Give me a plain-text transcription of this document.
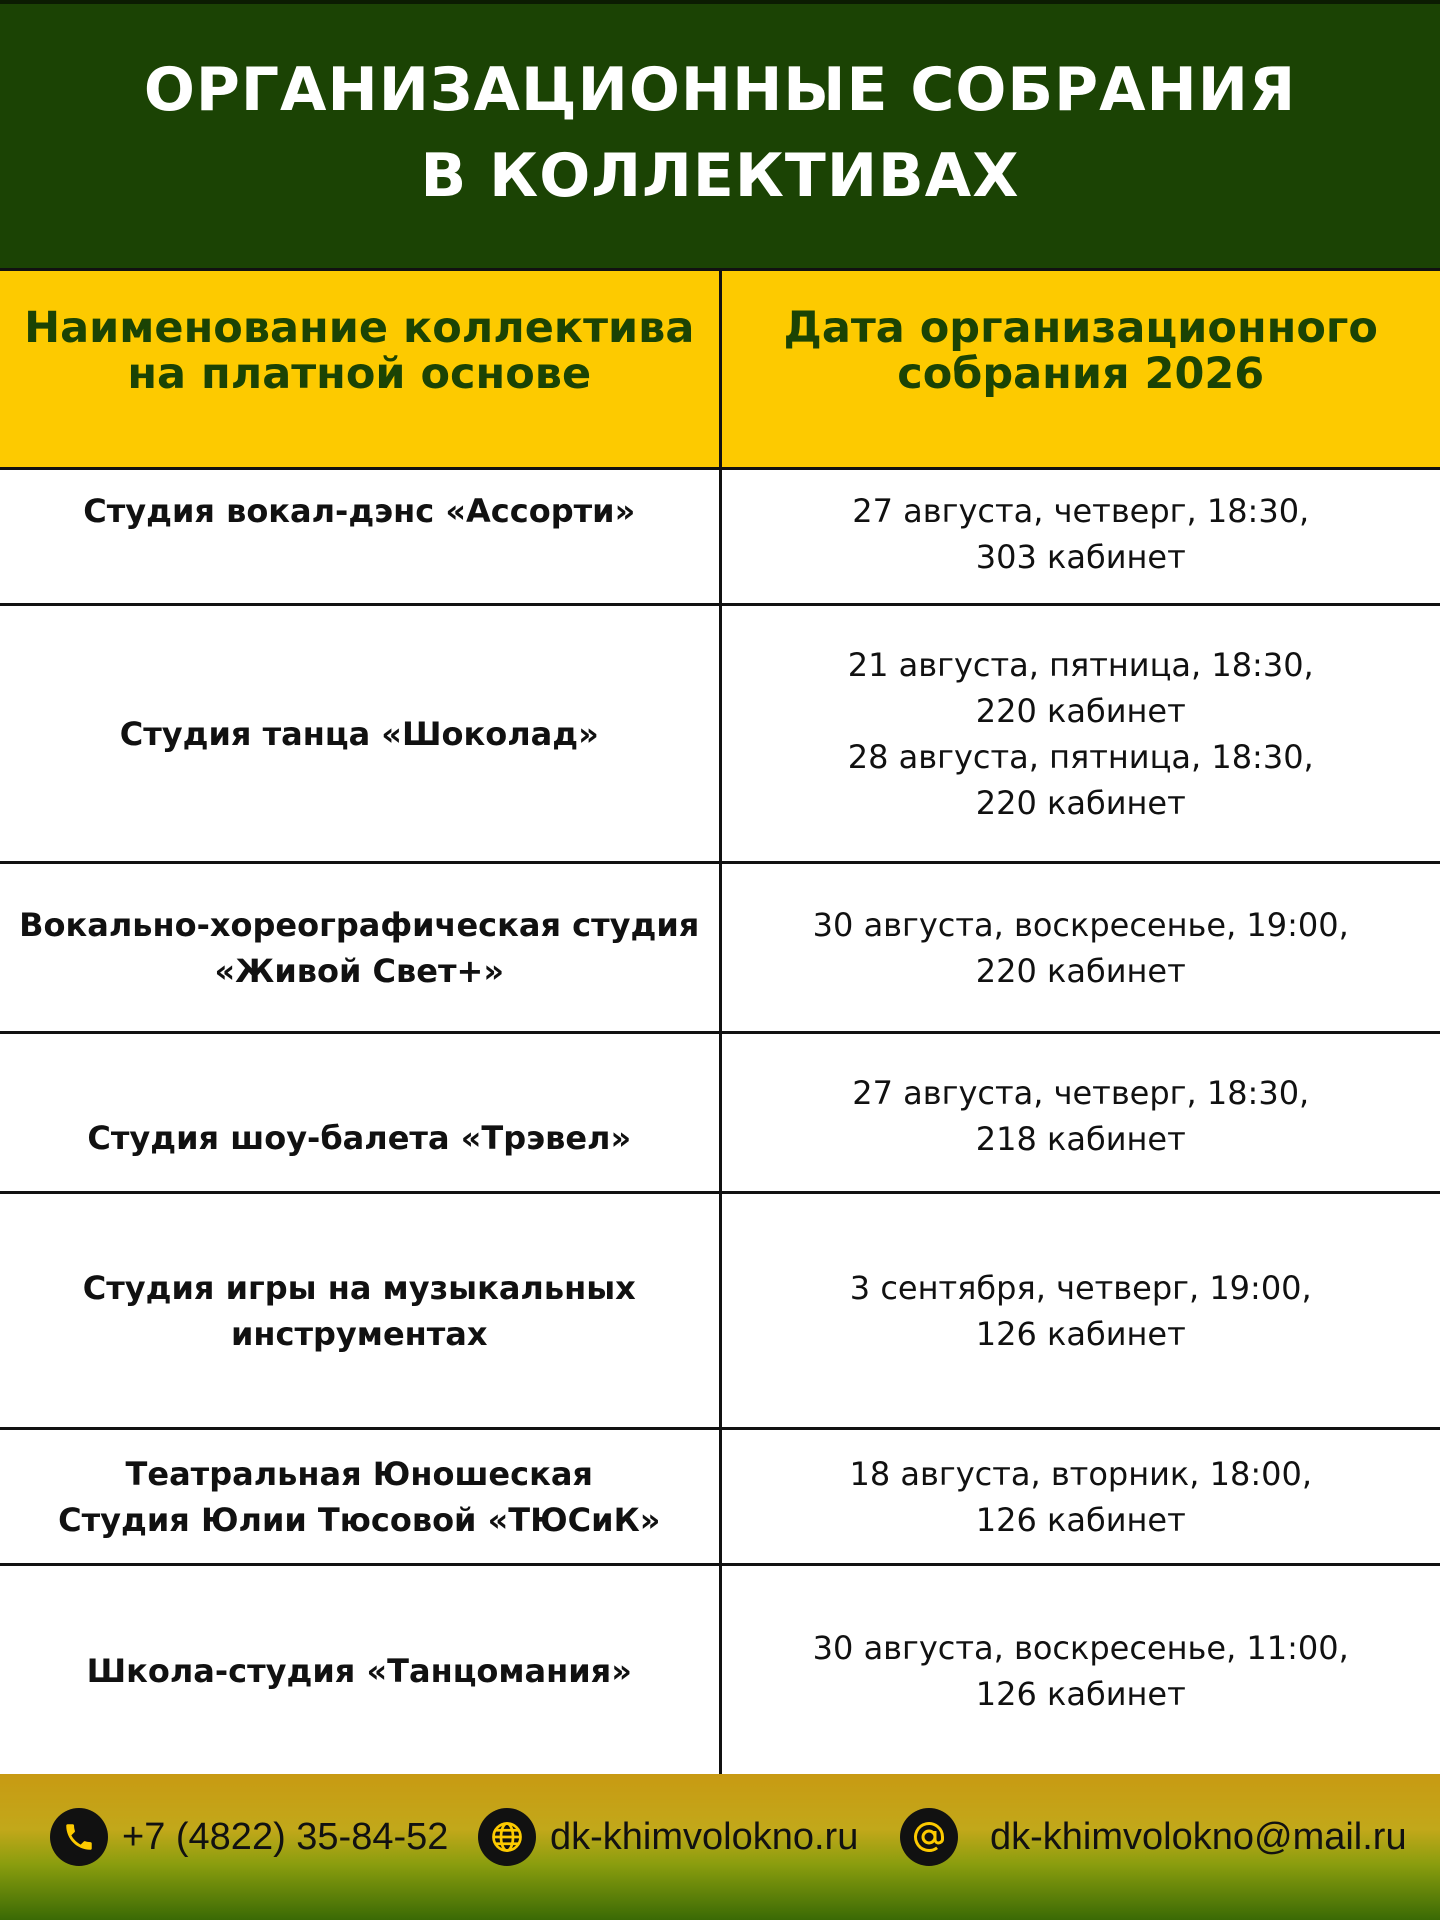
ОРГАНИЗАЦИОННЫЕ СОБРАНИЯ
В КОЛЛЕКТИВАХ
Наименование коллектива
на платной основе	Дата организационного
собрания 2026

Студия вокал-дэнс «Ассорти»	27 августа, четверг, 18:30,
303 кабинет

Студия танца «Шоколад»	21 августа, пятница, 18:30,
220 кабинет
28 августа, пятница, 18:30,
220 кабинет

Вокально-хореографическая студия
«Живой Свет+»	30 августа, воскресенье, 19:00,
220 кабинет

Студия шоу-балета «Трэвел»	27 августа, четверг, 18:30,
218 кабинет

Студия игры на музыкальных
инструментах	3 сентября, четверг, 19:00,
126 кабинет

Театральная Юношеская
Студия Юлии Тюсовой «ТЮСиК»	18 августа, вторник, 18:00,
126 кабинет

Школа-студия «Танцомания»	30 августа, воскресенье, 11:00,
126 кабинет
+7 (4822) 35-84-52	dk-khimvolokno.ru	dk-khimvolokno@mail.ru
